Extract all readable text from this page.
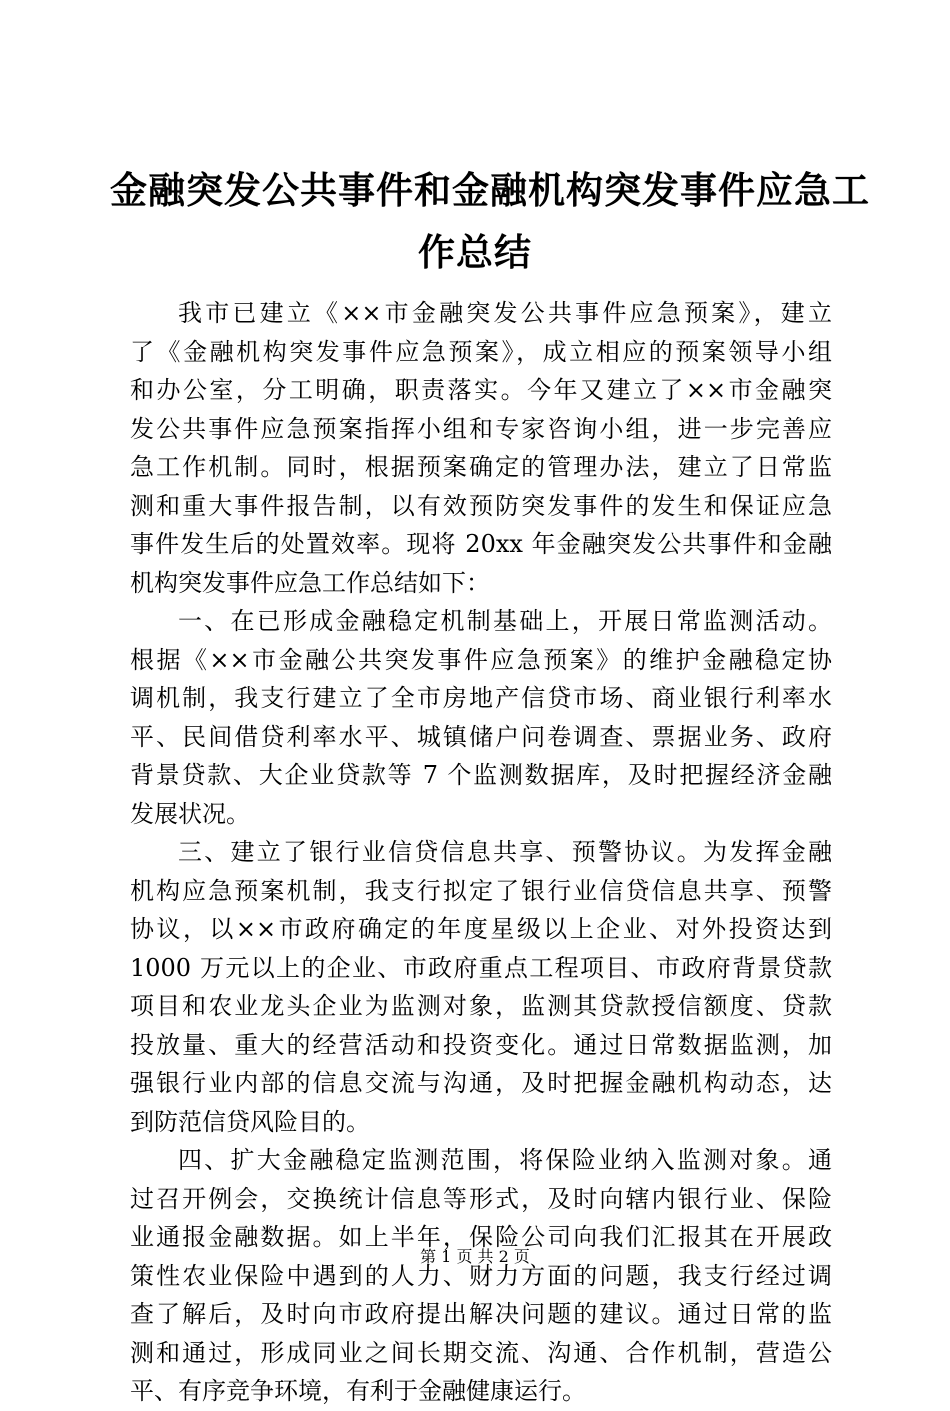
金融突发公共事件和金融机构突发事件应急工
作总结
我市已建立《××市金融突发公共事件应急预案》，建立
了《金融机构突发事件应急预案》，成立相应的预案领导小组
和办公室，分工明确，职责落实。今年又建立了××市金融突
发公共事件应急预案指挥小组和专家咨询小组，进一步完善应
急工作机制。同时，根据预案确定的管理办法，建立了日常监
测和重大事件报告制，以有效预防突发事件的发生和保证应急
事件发生后的处置效率。现将 20xx 年金融突发公共事件和金融
机构突发事件应急工作总结如下：
一、在已形成金融稳定机制基础上，开展日常监测活动。
根据《××市金融公共突发事件应急预案》的维护金融稳定协
调机制，我支行建立了全市房地产信贷市场、商业银行利率水
平、民间借贷利率水平、城镇储户问卷调查、票据业务、政府
背景贷款、大企业贷款等 7 个监测数据库，及时把握经济金融
发展状况。
三、建立了银行业信贷信息共享、预警协议。为发挥金融
机构应急预案机制，我支行拟定了银行业信贷信息共享、预警
协议，以××市政府确定的年度星级以上企业、对外投资达到
1000 万元以上的企业、市政府重点工程项目、市政府背景贷款
项目和农业龙头企业为监测对象，监测其贷款授信额度、贷款
投放量、重大的经营活动和投资变化。通过日常数据监测，加
强银行业内部的信息交流与沟通，及时把握金融机构动态，达
到防范信贷风险目的。
四、扩大金融稳定监测范围，将保险业纳入监测对象。通
过召开例会，交换统计信息等形式，及时向辖内银行业、保险
业通报金融数据。如上半年，保险公司向我们汇报其在开展政
策性农业保险中遇到的人力、财力方面的问题，我支行经过调
查了解后，及时向市政府提出解决问题的建议。通过日常的监
测和通过，形成同业之间长期交流、沟通、合作机制，营造公
平、有序竞争环境，有利于金融健康运行。
第 1 页 共 2 页
